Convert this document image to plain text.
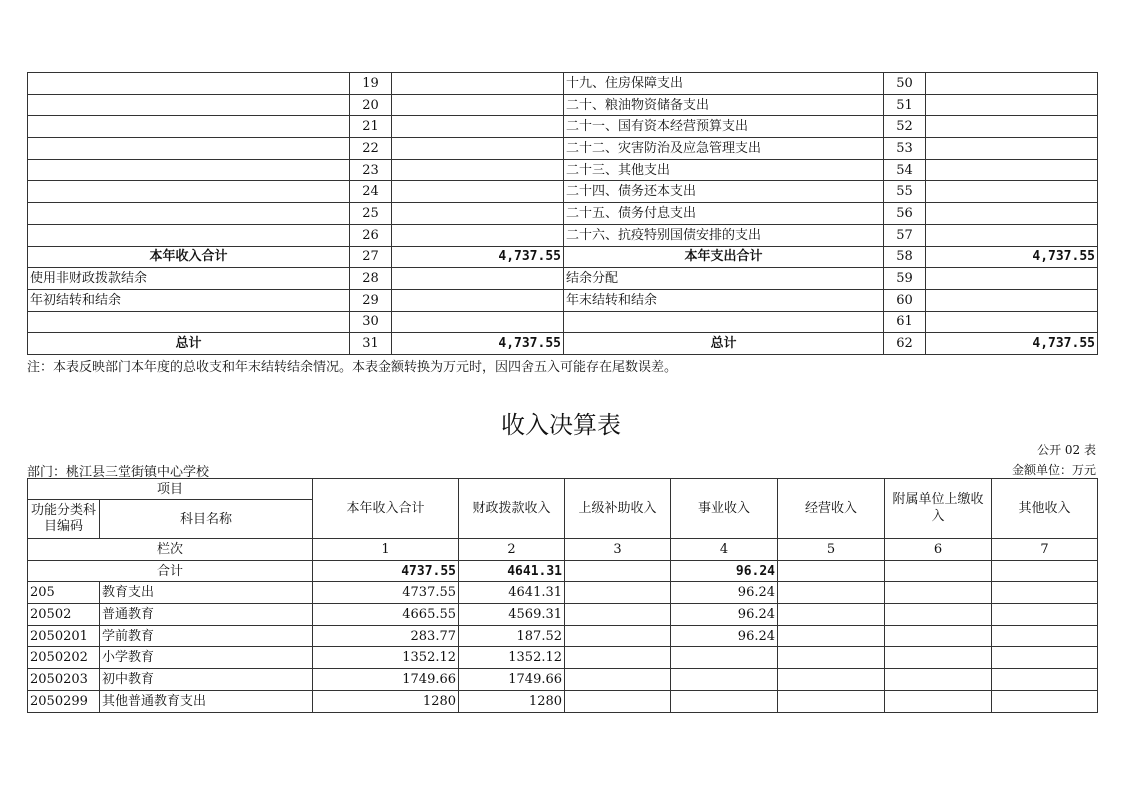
	19		十九、住房保障支出	50	
	20		二十、粮油物资储备支出	51	
	21		二十一、国有资本经营预算支出	52	
	22		二十二、灾害防治及应急管理支出	53	
	23		二十三、其他支出	54	
	24		二十四、债务还本支出	55	
	25		二十五、债务付息支出	56	
	26		二十六、抗疫特别国债安排的支出	57	
本年收入合计	27	4,737.55	本年支出合计	58	4,737.55
使用非财政拨款结余	28		结余分配	59	
年初结转和结余	29		年末结转和结余	60	
	30			61	
总计	31	4,737.55	总计	62	4,737.55
注：本表反映部门本年度的总收支和年末结转结余情况。本表金额转换为万元时，因四舍五入可能存在尾数误差。
收入决算表
公开 02 表
部门：桃江县三堂街镇中心学校	金额单位：万元
项目		本年收入合计	财政拨款收入	上级补助收入	事业收入	经营收入	附属单位上缴收入	其他收入
功能分类科目编码	科目名称							
栏次		1	2	3	4	5	6	7
合计		4737.55	4641.31		96.24			
205	教育支出	4737.55	4641.31		96.24			
20502	普通教育	4665.55	4569.31		96.24			
2050201	学前教育	283.77	187.52		96.24			
2050202	小学教育	1352.12	1352.12					
2050203	初中教育	1749.66	1749.66					
2050299	其他普通教育支出	1280	1280					
